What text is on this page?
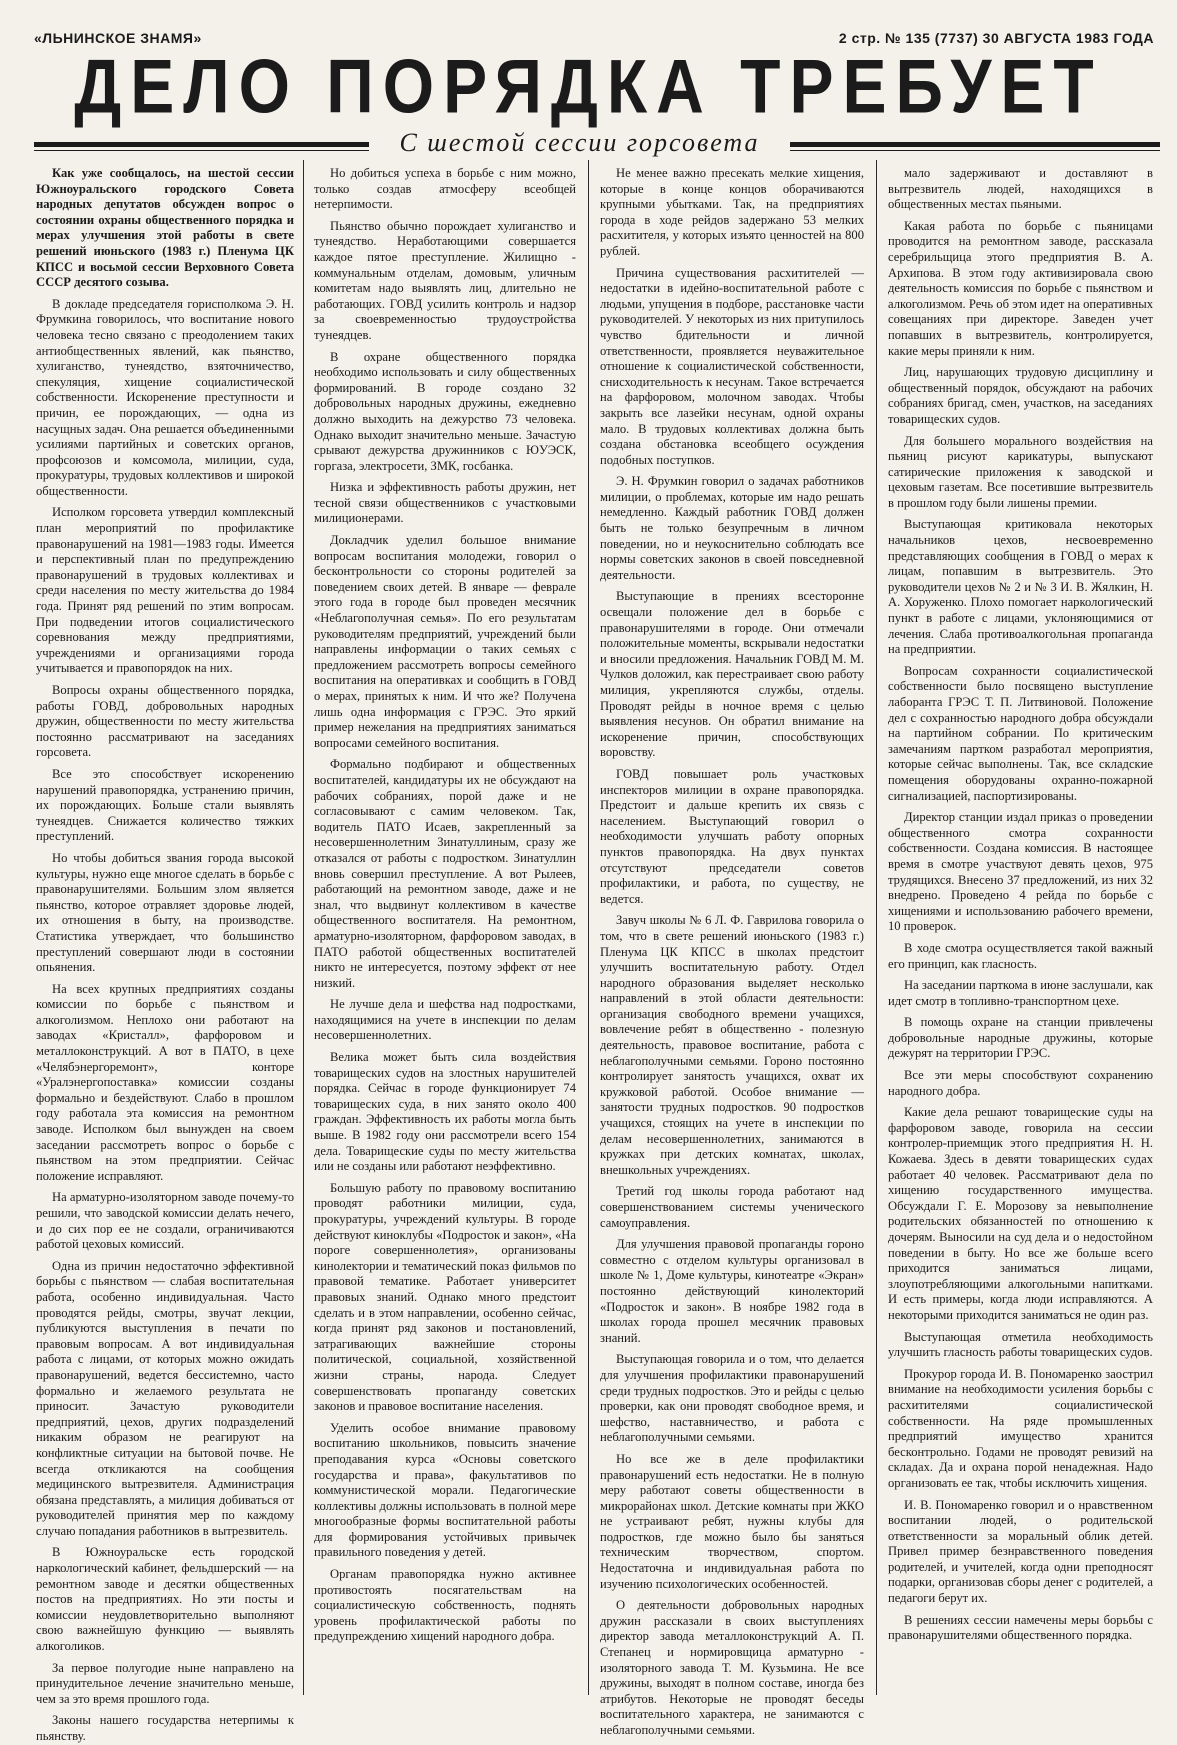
«ЛЬНИНСКОЕ ЗНАМЯ»	2 стр. № 135 (7737) 30 АВГУСТА 1983 ГОДА
ДЕЛО ПОРЯДКА ТРЕБУЕТ
С шестой сессии горсовета

Как уже сообщалось, на шестой сессии Южноуральского городского Совета народных депутатов обсужден вопрос о состоянии охраны общественного порядка и мерах улучшения этой работы в свете решений июньского (1983 г.) Пленума ЦК КПСС и восьмой сессии Верховного Совета СССР десятого созыва.

В докладе председателя горисполкома Э. Н. Фрумкина говорилось, что воспитание нового человека тесно связано с преодолением таких антиобщественных явлений, как пьянство, хулиганство, тунеядство, взяточничество, спекуляция, хищение социалистической собственности. Искоренение преступности и причин, ее порождающих, — одна из насущных задач. Она решается объединенными усилиями партийных и советских органов, профсоюзов и комсомола, милиции, суда, прокуратуры, трудовых коллективов и широкой общественности.

Исполком горсовета утвердил комплексный план мероприятий по профилактике правонарушений на 1981—1983 годы. Имеется и перспективный план по предупреждению правонарушений в трудовых коллективах и среди населения по месту жительства до 1984 года. Принят ряд решений по этим вопросам. При подведении итогов социалистического соревнования между предприятиями, учреждениями и организациями города учитывается и правопорядок на них.

Вопросы охраны общественного порядка, работы ГОВД, добровольных народных дружин, общественности по месту жительства постоянно рассматривают на заседаниях горсовета.

Все это способствует искоренению нарушений правопорядка, устранению причин, их порождающих. Больше стали выявлять тунеядцев. Снижается количество тяжких преступлений.

Но чтобы добиться звания города высокой культуры, нужно еще многое сделать в борьбе с правонарушителями. Большим злом является пьянство, которое отравляет здоровье людей, их отношения в быту, на производстве. Статистика утверждает, что большинство преступлений совершают люди в состоянии опьянения.

На всех крупных предприятиях созданы комиссии по борьбе с пьянством и алкоголизмом. Неплохо они работают на заводах «Кристалл», фарфоровом и металлоконструкций. А вот в ПАТО, в цехе «Челябэнергоремонт», конторе «Уралэнергопоставка» комиссии созданы формально и бездействуют. Слабо в прошлом году работала эта комиссия на ремонтном заводе. Исполком был вынужден на своем заседании рассмотреть вопрос о борьбе с пьянством на этом предприятии. Сейчас положение исправляют.

На арматурно-изоляторном заводе почему-то решили, что заводской комиссии делать нечего, и до сих пор ее не создали, ограничиваются работой цеховых комиссий.

Одна из причин недостаточно эффективной борьбы с пьянством — слабая воспитательная работа, особенно индивидуальная. Часто проводятся рейды, смотры, звучат лекции, публикуются выступления в печати по правовым вопросам. А вот индивидуальная работа с лицами, от которых можно ожидать правонарушений, ведется бессистемно, часто формально и желаемого результата не приносит. Зачастую руководители предприятий, цехов, других подразделений никаким образом не реагируют на конфликтные ситуации на бытовой почве. Не всегда откликаются на сообщения медицинского вытрезвителя. Администрация обязана представлять, а милиция добиваться от руководителей принятия мер по каждому случаю попадания работников в вытрезвитель.

В Южноуральске есть городской наркологический кабинет, фельдшерский — на ремонтном заводе и десятки общественных постов на предприятиях. Но эти посты и комиссии неудовлетворительно выполняют свою важнейшую функцию — выявлять алкоголиков.

За первое полугодие ныне направлено на принудительное лечение значительно меньше, чем за это время прошлого года.

Законы нашего государства нетерпимы к пьянству.

Но добиться успеха в борьбе с ним можно, только создав атмосферу всеобщей нетерпимости.

Пьянство обычно порождает хулиганство и тунеядство. Неработающими совершается каждое пятое преступление. Жилищно - коммунальным отделам, домовым, уличным комитетам надо выявлять лиц, длительно не работающих. ГОВД усилить контроль и надзор за своевременностью трудоустройства тунеядцев.

В охране общественного порядка необходимо использовать и силу общественных формирований. В городе создано 32 добровольных народных дружины, ежедневно должно выходить на дежурство 73 человека. Однако выходит значительно меньше. Зачастую срывают дежурства дружинников с ЮУЭСК, горгаза, электросети, ЗМК, госбанка.

Низка и эффективность работы дружин, нет тесной связи общественников с участковыми милиционерами.

Докладчик уделил большое внимание вопросам воспитания молодежи, говорил о бесконтрольности со стороны родителей за поведением своих детей. В январе — феврале этого года в городе был проведен месячник «Неблагополучная семья». По его результатам руководителям предприятий, учреждений были направлены информации о таких семьях с предложением рассмотреть вопросы семейного воспитания на оперативках и сообщить в ГОВД о мерах, принятых к ним. И что же? Получена лишь одна информация с ГРЭС. Это яркий пример нежелания на предприятиях заниматься вопросами семейного воспитания.

Формально подбирают и общественных воспитателей, кандидатуры их не обсуждают на рабочих собраниях, порой даже и не согласовывают с самим человеком. Так, водитель ПАТО Исаев, закрепленный за несовершеннолетним Зинатуллиным, сразу же отказался от работы с подростком. Зинатуллин вновь совершил преступление. А вот Рылеев, работающий на ремонтном заводе, даже и не знал, что выдвинут коллективом в качестве общественного воспитателя. На ремонтном, арматурно-изоляторном, фарфоровом заводах, в ПАТО работой общественных воспитателей никто не интересуется, поэтому эффект от нее низкий.

Не лучше дела и шефства над подростками, находящимися на учете в инспекции по делам несовершеннолетних.

Велика может быть сила воздействия товарищеских судов на злостных нарушителей порядка. Сейчас в городе функционирует 74 товарищеских суда, в них занято около 400 граждан. Эффективность их работы могла быть выше. В 1982 году они рассмотрели всего 154 дела. Товарищеские суды по месту жительства или не созданы или работают неэффективно.

Большую работу по правовому воспитанию проводят работники милиции, суда, прокуратуры, учреждений культуры. В городе действуют киноклубы «Подросток и закон», «На пороге совершеннолетия», организованы кинолектории и тематический показ фильмов по правовой тематике. Работает университет правовых знаний. Однако много предстоит сделать и в этом направлении, особенно сейчас, когда принят ряд законов и постановлений, затрагивающих важнейшие стороны политической, социальной, хозяйственной жизни страны, народа. Следует совершенствовать пропаганду советских законов и правовое воспитание населения.

Уделить особое внимание правовому воспитанию школьников, повысить значение преподавания курса «Основы советского государства и права», факультативов по коммунистической морали. Педагогические коллективы должны использовать в полной мере многообразные формы воспитательной работы для формирования устойчивых привычек правильного поведения у детей.

Органам правопорядка нужно активнее противостоять посягательствам на социалистическую собственность, поднять уровень профилактической работы по предупреждению хищений народного добра.

Не менее важно пресекать мелкие хищения, которые в конце концов оборачиваются крупными убытками. Так, на предприятиях города в ходе рейдов задержано 53 мелких расхитителя, у которых изъято ценностей на 800 рублей.

Причина существования расхитителей — недостатки в идейно-воспитательной работе с людьми, упущения в подборе, расстановке части руководителей. У некоторых из них притупилось чувство бдительности и личной ответственности, проявляется неуважительное отношение к социалистической собственности, снисходительность к несунам. Такое встречается на фарфоровом, молочном заводах. Чтобы закрыть все лазейки несунам, одной охраны мало. В трудовых коллективах должна быть создана обстановка всеобщего осуждения подобных поступков.

Э. Н. Фрумкин говорил о задачах работников милиции, о проблемах, которые им надо решать немедленно. Каждый работник ГОВД должен быть не только безупречным в личном поведении, но и неукоснительно соблюдать все нормы советских законов в своей повседневной деятельности.

Выступающие в прениях всесторонне освещали положение дел в борьбе с правонарушителями в городе. Они отмечали положительные моменты, вскрывали недостатки и вносили предложения. Начальник ГОВД М. М. Чулков доложил, как перестраивает свою работу милиция, укрепляются службы, отделы. Проводят рейды в ночное время с целью выявления несунов. Он обратил внимание на искоренение причин, способствующих воровству.

ГОВД повышает роль участковых инспекторов милиции в охране правопорядка. Предстоит и дальше крепить их связь с населением. Выступающий говорил о необходимости улучшать работу опорных пунктов правопорядка. На двух пунктах отсутствуют председатели советов профилактики, и работа, по существу, не ведется.

Завуч школы № 6 Л. Ф. Гаврилова говорила о том, что в свете решений июньского (1983 г.) Пленума ЦК КПСС в школах предстоит улучшить воспитательную работу. Отдел народного образования выделяет несколько направлений в этой области деятельности: организация свободного времени учащихся, вовлечение ребят в общественно - полезную деятельность, правовое воспитание, работа с неблагополучными семьями. Гороно постоянно контролирует занятость учащихся, охват их кружковой работой. Особое внимание — занятости трудных подростков. 90 подростков учащихся, стоящих на учете в инспекции по делам несовершеннолетних, занимаются в кружках при детских комнатах, школах, внешкольных учреждениях.

Третий год школы города работают над совершенствованием системы ученического самоуправления.

Для улучшения правовой пропаганды гороно совместно с отделом культуры организовал в школе № 1, Доме культуры, кинотеатре «Экран» постоянно действующий кинолекторий «Подросток и закон». В ноябре 1982 года в школах города прошел месячник правовых знаний.

Выступающая говорила и о том, что делается для улучшения профилактики правонарушений среди трудных подростков. Это и рейды с целью проверки, как они проводят свободное время, и шефство, наставничество, и работа с неблагополучными семьями.

Но все же в деле профилактики правонарушений есть недостатки. Не в полную меру работают советы общественности в микрорайонах школ. Детские комнаты при ЖКО не устраивают ребят, нужны клубы для подростков, где можно было бы заняться техническим творчеством, спортом. Недостаточна и индивидуальная работа по изучению психологических особенностей.

О деятельности добровольных народных дружин рассказали в своих выступлениях директор завода металлоконструкций А. П. Степанец и нормировщица арматурно - изоляторного завода Т. М. Кузьмина. Не все дружины, выходят в полном составе, иногда без атрибутов. Некоторые не проводят беседы воспитательного характера, не занимаются с неблагополучными семьями.

мало задерживают и доставляют в вытрезвитель людей, находящихся в общественных местах пьяными.

Какая работа по борьбе с пьяницами проводится на ремонтном заводе, рассказала серебрильщица этого предприятия В. А. Архипова. В этом году активизировала свою деятельность комиссия по борьбе с пьянством и алкоголизмом. Речь об этом идет на оперативных совещаниях при директоре. Заведен учет попавших в вытрезвитель, контролируется, какие меры приняли к ним.

Лиц, нарушающих трудовую дисциплину и общественный порядок, обсуждают на рабочих собраниях бригад, смен, участков, на заседаниях товарищеских судов.

Для большего морального воздействия на пьяниц рисуют карикатуры, выпускают сатирические приложения к заводской и цеховым газетам. Все посетившие вытрезвитель в прошлом году были лишены премии.

Выступающая критиковала некоторых начальников цехов, несвоевременно представляющих сообщения в ГОВД о мерах к лицам, попавшим в вытрезвитель. Это руководители цехов № 2 и № 3 И. В. Жялкин, Н. А. Хоруженко. Плохо помогает наркологический пункт в работе с лицами, уклоняющимися от лечения. Слаба противоалкогольная пропаганда на предприятии.

Вопросам сохранности социалистической собственности было посвящено выступление лаборанта ГРЭС Т. П. Литвиновой. Положение дел с сохранностью народного добра обсуждали на партийном собрании. По критическим замечаниям партком разработал мероприятия, которые сейчас выполнены. Так, все складские помещения оборудованы охранно-пожарной сигнализацией, паспортизированы.

Директор станции издал приказ о проведении общественного смотра сохранности собственности. Создана комиссия. В настоящее время в смотре участвуют девять цехов, 975 трудящихся. Внесено 37 предложений, из них 32 внедрено. Проведено 4 рейда по борьбе с хищениями и использованию рабочего времени, 10 проверок.

В ходе смотра осуществляется такой важный его принцип, как гласность.

На заседании парткома в июне заслушали, как идет смотр в топливно-транспортном цехе.

В помощь охране на станции привлечены добровольные народные дружины, которые дежурят на территории ГРЭС.

Все эти меры способствуют сохранению народного добра.

Какие дела решают товарищеские суды на фарфоровом заводе, говорила на сессии контролер-приемщик этого предприятия Н. Н. Кожаева. Здесь в девяти товарищеских судах работает 40 человек. Рассматривают дела по хищению государственного имущества. Обсуждали Г. Е. Морозову за невыполнение родительских обязанностей по отношению к дочерям. Выносили на суд дела и о недостойном поведении в быту. Но все же больше всего приходится заниматься лицами, злоупотребляющими алкогольными напитками. И есть примеры, когда люди исправляются. А некоторыми приходится заниматься не один раз.

Выступающая отметила необходимость улучшить гласность работы товарищеских судов.

Прокурор города И. В. Пономаренко заострил внимание на необходимости усиления борьбы с расхитителями социалистической собственности. На ряде промышленных предприятий имущество хранится бесконтрольно. Годами не проводят ревизий на складах. Да и охрана порой ненадежная. Надо организовать ее так, чтобы исключить хищения.

И. В. Пономаренко говорил и о нравственном воспитании людей, о родительской ответственности за моральный облик детей. Привел пример безнравственного поведения родителей, и учителей, когда одни преподносят подарки, организовав сборы денег с родителей, а педагоги берут их.

В решениях сессии намечены меры борьбы с правонарушителями общественного порядка.
